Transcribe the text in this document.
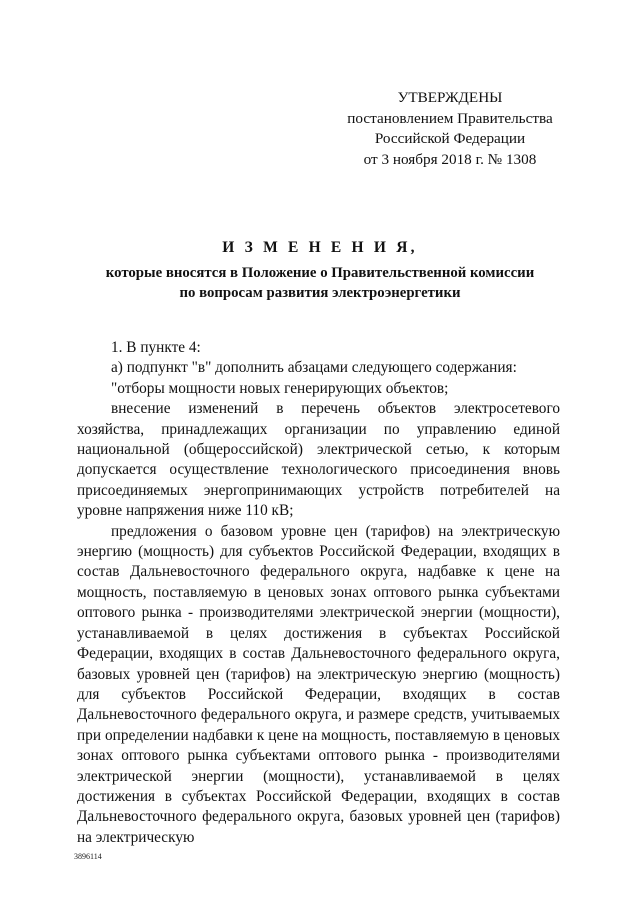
УТВЕРЖДЕНЫ
постановлением Правительства
Российской Федерации
от 3 ноября 2018 г. № 1308
И З М Е Н Е Н И Я,
которые вносятся в Положение о Правительственной комиссии
по вопросам развития электроэнергетики

1. В пункте 4:

а) подпункт "в" дополнить абзацами следующего содержания:

"отборы мощности новых генерирующих объектов;

внесение изменений в перечень объектов электросетевого хозяйства, принадлежащих организации по управлению единой национальной (общероссийской) электрической сетью, к которым допускается осуществление технологического присоединения вновь присоединяемых энергопринимающих устройств потребителей на уровне напряжения ниже 110 кВ;

предложения о базовом уровне цен (тарифов) на электрическую энергию (мощность) для субъектов Российской Федерации, входящих в состав Дальневосточного федерального округа, надбавке к цене на мощность, поставляемую в ценовых зонах оптового рынка субъектами оптового рынка - производителями электрической энергии (мощности), устанавливаемой в целях достижения в субъектах Российской Федерации, входящих в состав Дальневосточного федерального округа, базовых уровней цен (тарифов) на электрическую энергию (мощность) для субъектов Российской Федерации, входящих в состав Дальневосточного федерального округа, и размере средств, учитываемых при определении надбавки к цене на мощность, поставляемую в ценовых зонах оптового рынка субъектами оптового рынка - производителями электрической энергии (мощности), устанавливаемой в целях достижения в субъектах Российской Федерации, входящих в состав Дальневосточного федерального округа, базовых уровней цен (тарифов) на электрическую

3896114
